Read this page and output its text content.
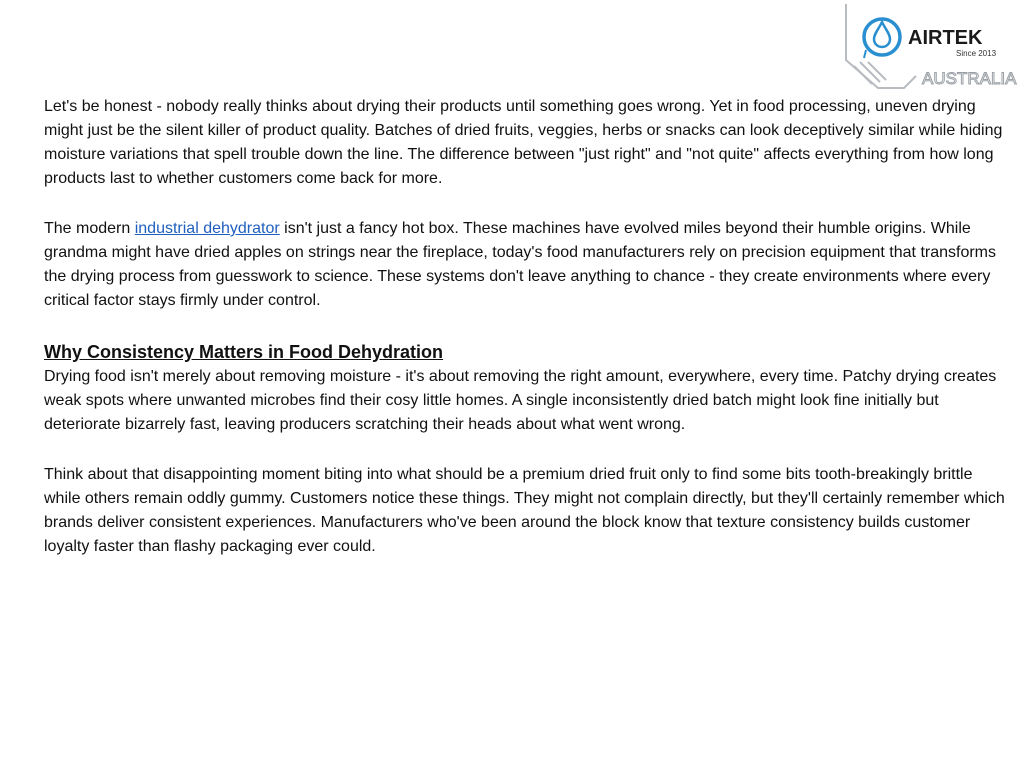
AIRTEK
Since 2013
AUSTRALIA

Let's be honest - nobody really thinks about drying their products until something goes wrong. Yet in food processing, uneven drying might just be the silent killer of product quality. Batches of dried fruits, veggies, herbs or snacks can look deceptively similar while hiding moisture variations that spell trouble down the line. The difference between "just right" and "not quite" affects everything from how long products last to whether customers come back for more.

The modern industrial dehydrator isn't just a fancy hot box. These machines have evolved miles beyond their humble origins. While grandma might have dried apples on strings near the fireplace, today's food manufacturers rely on precision equipment that transforms the drying process from guesswork to science. These systems don't leave anything to chance - they create environments where every critical factor stays firmly under control.

Why Consistency Matters in Food Dehydration

Drying food isn't merely about removing moisture - it's about removing the right amount, everywhere, every time. Patchy drying creates weak spots where unwanted microbes find their cosy little homes. A single inconsistently dried batch might look fine initially but deteriorate bizarrely fast, leaving producers scratching their heads about what went wrong.

Think about that disappointing moment biting into what should be a premium dried fruit only to find some bits tooth-breakingly brittle while others remain oddly gummy. Customers notice these things. They might not complain directly, but they'll certainly remember which brands deliver consistent experiences. Manufacturers who've been around the block know that texture consistency builds customer loyalty faster than flashy packaging ever could.
